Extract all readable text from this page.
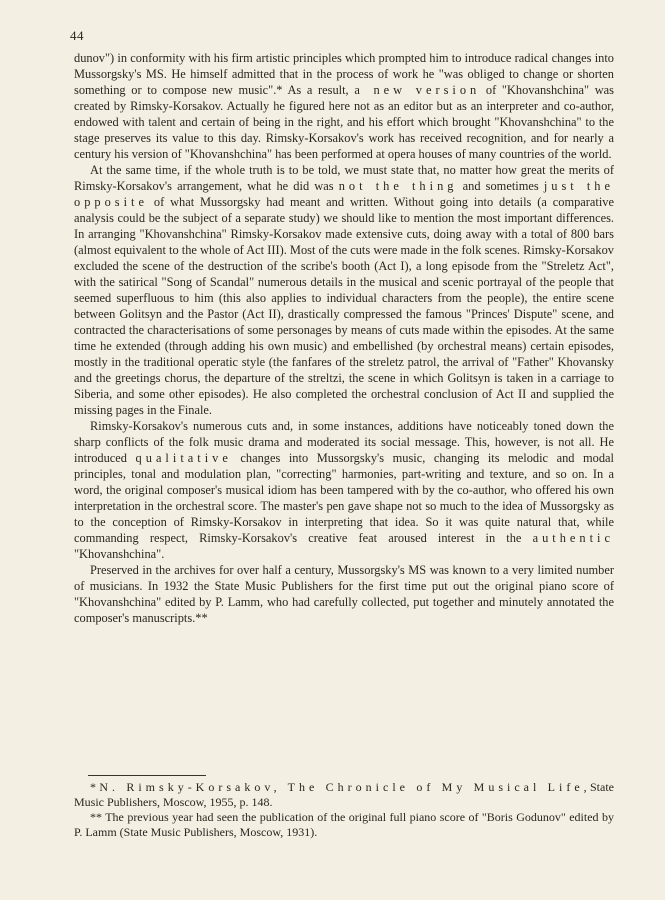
44

dunov") in conformity with his firm artistic principles which prompted him to introduce radical changes into Mussorgsky's MS. He himself admitted that in the process of work he "was obliged to change or shorten something or to compose new music".* As a result, a new version of "Khovanshchina" was created by Rimsky-Korsakov. Actually he figured here not as an editor but as an interpreter and co-author, endowed with talent and certain of being in the right, and his effort which brought "Khovanshchina" to the stage preserves its value to this day. Rimsky-Korsakov's work has received recognition, and for nearly a century his version of "Khovanshchina" has been performed at opera houses of many countries of the world.

At the same time, if the whole truth is to be told, we must state that, no matter how great the merits of Rimsky-Korsakov's arrangement, what he did was not the thing and sometimes just the opposite of what Mussorgsky had meant and written. Without going into details (a comparative analysis could be the subject of a separate study) we should like to mention the most important differences. In arranging "Khovanshchina" Rimsky-Korsakov made extensive cuts, doing away with a total of 800 bars (almost equivalent to the whole of Act III). Most of the cuts were made in the folk scenes. Rimsky-Korsakov excluded the scene of the destruction of the scribe's booth (Act I), a long episode from the "Streletz Act", with the satirical "Song of Scandal" numerous details in the musical and scenic portrayal of the people that seemed superfluous to him (this also applies to individual characters from the people), the entire scene between Golitsyn and the Pastor (Act II), drastically compressed the famous "Princes' Dispute" scene, and contracted the characterisations of some personages by means of cuts made within the episodes. At the same time he extended (through adding his own music) and embellished (by orchestral means) certain episodes, mostly in the traditional operatic style (the fanfares of the streletz patrol, the arrival of "Father" Khovansky and the greetings chorus, the departure of the streltzi, the scene in which Golitsyn is taken in a carriage to Siberia, and some other episodes). He also completed the orchestral conclusion of Act II and supplied the missing pages in the Finale.

Rimsky-Korsakov's numerous cuts and, in some instances, additions have noticeably toned down the sharp conflicts of the folk music drama and moderated its social message. This, however, is not all. He introduced qualitative changes into Mussorgsky's music, changing its melodic and modal principles, tonal and modulation plan, "correcting" harmonies, part-writing and texture, and so on. In a word, the original composer's musical idiom has been tampered with by the co-author, who offered his own interpretation in the orchestral score. The master's pen gave shape not so much to the idea of Mussorgsky as to the conception of Rimsky-Korsakov in interpreting that idea. So it was quite natural that, while commanding respect, Rimsky-Korsakov's creative feat aroused interest in the authentic "Khovanshchina".

Preserved in the archives for over half a century, Mussorgsky's MS was known to a very limited number of musicians. In 1932 the State Music Publishers for the first time put out the original piano score of "Khovanshchina" edited by P. Lamm, who had carefully collected, put together and minutely annotated the composer's manuscripts.**

* N. Rimsky-Korsakov, The Chronicle of My Musical Life, State Music Publishers, Moscow, 1955, p. 148.

** The previous year had seen the publication of the original full piano score of "Boris Godunov" edited by P. Lamm (State Music Publishers, Moscow, 1931).
